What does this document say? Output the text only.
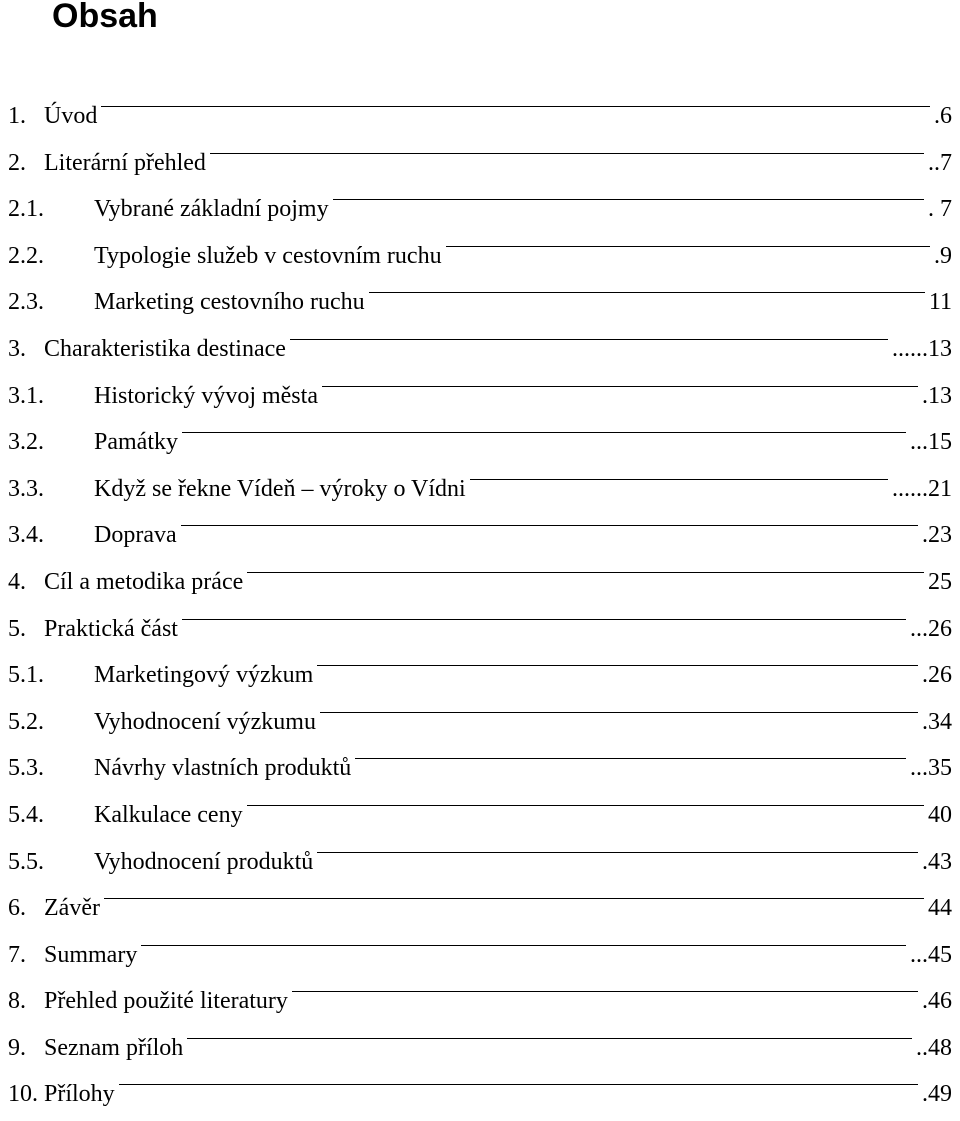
Obsah
1. Úvod	.6
2. Literární přehled	..7
2.1.	Vybrané základní pojmy	. 7
2.2.	Typologie služeb v cestovním ruchu	.9
2.3.	Marketing cestovního ruchu	11
3. Charakteristika destinace	......13
3.1.	Historický vývoj města	.13
3.2.	Památky	...15
3.3.	Když se řekne Vídeň – výroky o Vídni	......21
3.4.	Doprava	.23
4. Cíl a metodika práce	25
5. Praktická část	...26
5.1.	Marketingový výzkum	.26
5.2.	Vyhodnocení výzkumu	.34
5.3.	Návrhy vlastních produktů	...35
5.4.	Kalkulace ceny	40
5.5.	Vyhodnocení produktů	.43
6. Závěr	44
7. Summary	...45
8. Přehled použité literatury	.46
9. Seznam příloh	..48
10. Přílohy	.49
